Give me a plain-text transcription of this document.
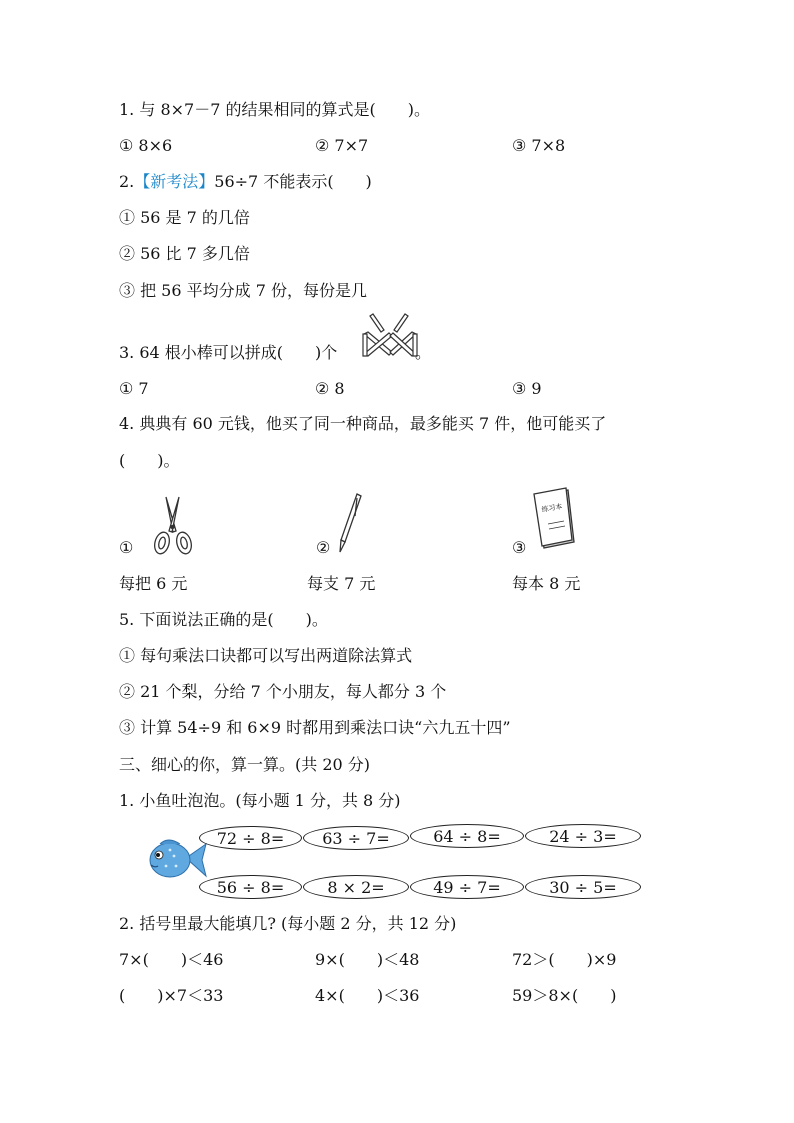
1. 与 8×7－7 的结果相同的算式是(　　)。
① 8×6	② 7×7	③ 7×8
2.【新考法】56÷7 不能表示(　　)
① 56 是 7 的几倍
② 56 比 7 多几倍
③ 把 56 平均分成 7 份，每份是几
3. 64 根小棒可以拼成(　　)个	。
① 7	② 8	③ 9
4. 典典有 60 元钱，他买了同一种商品，最多能买 7 件，他可能买了
(　　)。
①	②	③
练习本
每把 6 元	每支 7 元	每本 8 元
5. 下面说法正确的是(　　)。
① 每句乘法口诀都可以写出两道除法算式
② 21 个梨，分给 7 个小朋友，每人都分 3 个
③ 计算 54÷9 和 6×9 时都用到乘法口诀“六九五十四”
三、细心的你，算一算。(共 20 分)
1. 小鱼吐泡泡。(每小题 1 分，共 8 分)
72 ÷ 8=	63 ÷ 7=	64 ÷ 8=	24 ÷ 3=
56 ÷ 8=	8 × 2=	49 ÷ 7=	30 ÷ 5=
2. 括号里最大能填几? (每小题 2 分，共 12 分)
7×(　　)＜46	9×(　　)＜48	72＞(　　)×9
(　　)×7＜33	4×(　　)＜36	59＞8×(　　)
